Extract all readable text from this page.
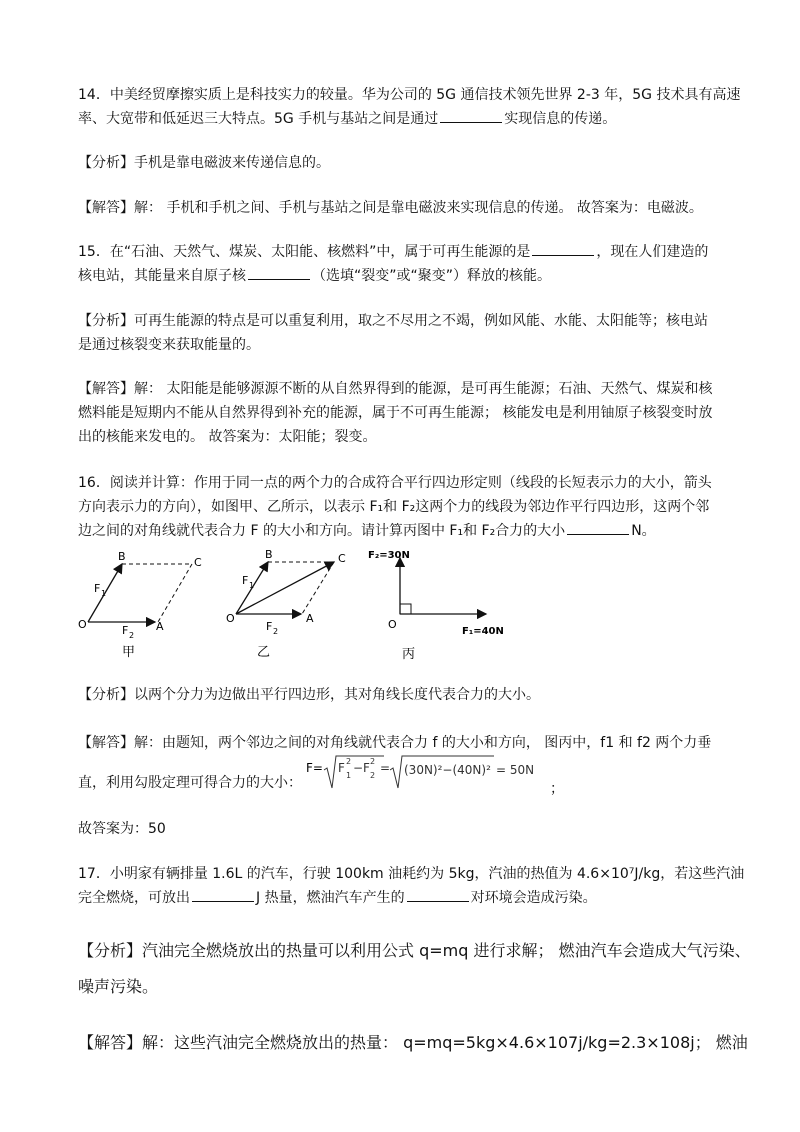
14．中美经贸摩擦实质上是科技实力的较量。华为公司的 5G 通信技术领先世界 2-3 年，5G 技术具有高速
率、大宽带和低延迟三大特点。5G 手机与基站之间是通过	实现信息的传递。
【分析】手机是靠电磁波来传递信息的。
【解答】解： 手机和手机之间、手机与基站之间是靠电磁波来实现信息的传递。 故答案为：电磁波。
15．在“石油、天然气、煤炭、太阳能、核燃料”中，属于可再生能源的是	，现在人们建造的
核电站，其能量来自原子核	（选填“裂变”或“聚变”）释放的核能。
【分析】可再生能源的特点是可以重复利用，取之不尽用之不竭，例如风能、水能、太阳能等；核电站
是通过核裂变来获取能量的。
【解答】解： 太阳能是能够源源不断的从自然界得到的能源，是可再生能源；石油、天然气、煤炭和核
燃料能是短期内不能从自然界得到补充的能源，属于不可再生能源； 核能发电是利用铀原子核裂变时放
出的核能来发电的。 故答案为：太阳能；裂变。
16．阅读并计算：作用于同一点的两个力的合成符合平行四边形定则（线段的长短表示力的大小，箭头
方向表示力的方向），如图甲、乙所示，以表示 F₁和 F₂这两个力的线段为邻边作平行四边形，这两个邻
边之间的对角线就代表合力 F 的大小和方向。请计算丙图中 F₁和 F₂合力的大小	N。
B	C
O	A
F 1
F 2
甲
B	C
O	A
F 1
F 2
乙
F₂=30N
O
F₁=40N
丙
【分析】以两个分力为边做出平行四边形，其对角线长度代表合力的大小。
【解答】解：由题知，两个邻边之间的对角线就代表合力 f 的大小和方向， 图丙中，f1 和 f2 两个力垂
直，利用勾股定理可得合力的大小：
F= F 2
1
−F 2
2
= (30N)²−(40N)² = 50N
；
故答案为：50
17．小明家有辆排量 1.6L 的汽车，行驶 100km 油耗约为 5kg，汽油的热值为 4.6×10⁷J/kg，若这些汽油
完全燃烧，可放出	J 热量，燃油汽车产生的	对环境会造成污染。
【分析】汽油完全燃烧放出的热量可以利用公式 q=mq 进行求解； 燃油汽车会造成大气污染、
噪声污染。
【解答】解：这些汽油完全燃烧放出的热量： q=mq=5kg×4.6×107j/kg=2.3×108j； 燃油
